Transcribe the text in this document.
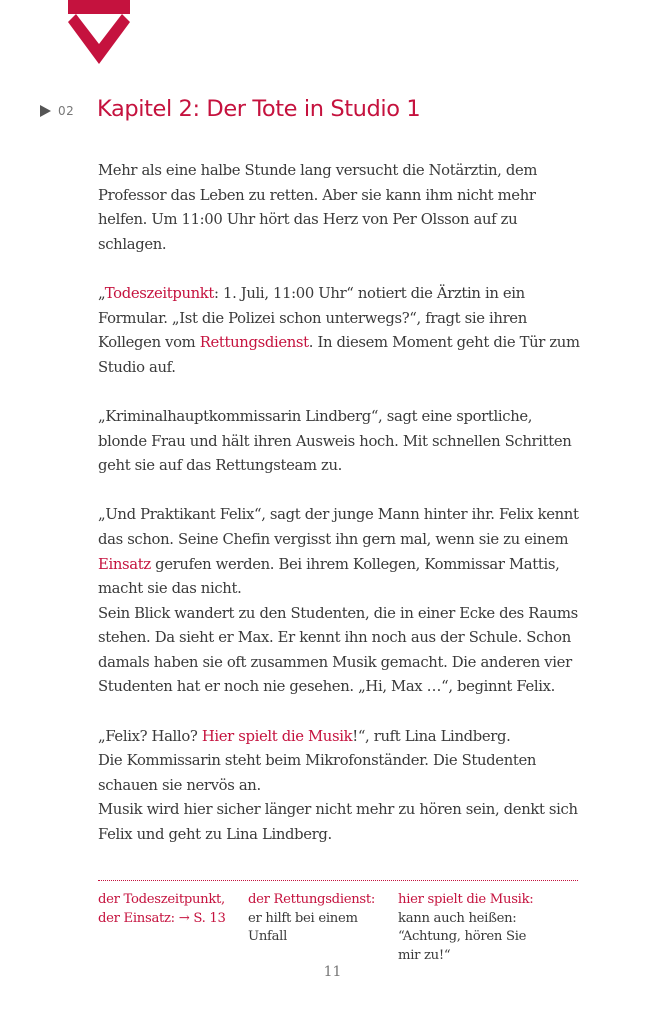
02 Kapitel 2: Der Tote in Studio 1

Mehr als eine halbe Stunde lang versucht die Notärztin, dem Professor das Leben zu retten. Aber sie kann ihm nicht mehr helfen. Um 11:00 Uhr hört das Herz von Per Olsson auf zu schlagen.

„Todeszeitpunkt: 1. Juli, 11:00 Uhr“ notiert die Ärztin in ein Formular. „Ist die Polizei schon unterwegs?“, fragt sie ihren Kollegen vom Rettungsdienst. In diesem Moment geht die Tür zum Studio auf.

„Kriminalhauptkommissarin Lindberg“, sagt eine sportliche, blonde Frau und hält ihren Ausweis hoch. Mit schnellen Schritten geht sie auf das Rettungsteam zu.

„Und Praktikant Felix“, sagt der junge Mann hinter ihr. Felix kennt das schon. Seine Chefin vergisst ihn gern mal, wenn sie zu einem Einsatz gerufen werden. Bei ihrem Kollegen, Kommissar Mattis, macht sie das nicht.

Sein Blick wandert zu den Studenten, die in einer Ecke des Raums stehen. Da sieht er Max. Er kennt ihn noch aus der Schule. Schon damals haben sie oft zusammen Musik gemacht. Die anderen vier Studenten hat er noch nie gesehen. „Hi, Max …“, beginnt Felix.

„Felix? Hallo? Hier spielt die Musik!“, ruft Lina Lindberg.

Die Kommissarin steht beim Mikrofonständer. Die Studenten schauen sie nervös an.

Musik wird hier sicher länger nicht mehr zu hören sein, denkt sich Felix und geht zu Lina Lindberg.

der Todeszeitpunkt,
der Einsatz: → S. 13
der Rettungsdienst:
er hilft bei einem Unfall
hier spielt die Musik: kann auch heißen: “Achtung, hören Sie mir zu!“
11
